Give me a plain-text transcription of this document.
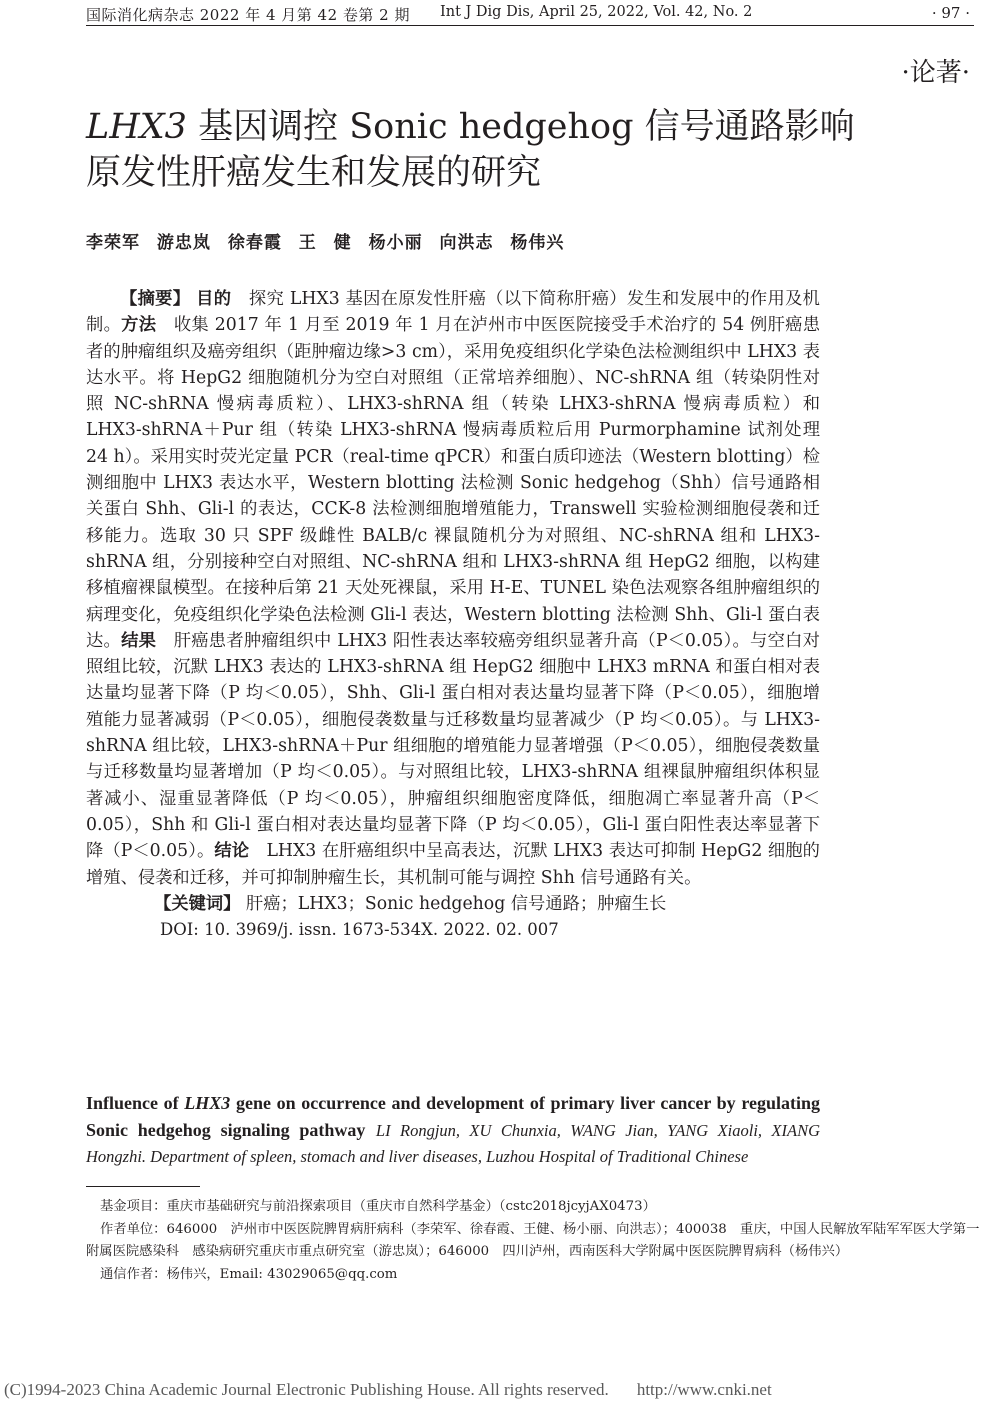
国际消化病杂志 2022 年 4 月第 42 卷第 2 期 Int J Dig Dis, April 25, 2022, Vol. 42, No. 2	· 97 ·
·论著·
LHX3 基因调控 Sonic hedgehog 信号通路影响
原发性肝癌发生和发展的研究
李荣军 游忠岚 徐春霞 王 健 杨小丽 向洪志 杨伟兴

【摘要】 目的　 探究 LHX3 基因在原发性肝癌（以下简称肝癌）发生和发展中的作用及机制。方法　 收集 2017 年 1 月至 2019 年 1 月在泸州市中医医院接受手术治疗的 54 例肝癌患者的肿瘤组织及癌旁组织（距肿瘤边缘>3 cm），采用免疫组织化学染色法检测组织中 LHX3 表达水平。将 HepG2 细胞随机分为空白对照组（正常培养细胞）、NC-shRNA 组（转染阴性对照 NC-shRNA 慢病毒质粒）、LHX3-shRNA 组（转染 LHX3-shRNA 慢病毒质粒）和 LHX3-shRNA＋Pur 组（转染 LHX3-shRNA 慢病毒质粒后用 Purmorphamine 试剂处理 24 h）。采用实时荧光定量 PCR（real-time qPCR）和蛋白质印迹法（Western blotting）检测细胞中 LHX3 表达水平，Western blotting 法检测 Sonic hedgehog（Shh）信号通路相关蛋白 Shh、Gli-l 的表达，CCK-8 法检测细胞增殖能力，Transwell 实验检测细胞侵袭和迁移能力。选取 30 只 SPF 级雌性 BALB/c 裸鼠随机分为对照组、NC-shRNA 组和 LHX3-shRNA 组，分别接种空白对照组、NC-shRNA 组和 LHX3-shRNA 组 HepG2 细胞，以构建移植瘤裸鼠模型。在接种后第 21 天处死裸鼠，采用 H-E、TUNEL 染色法观察各组肿瘤组织的病理变化，免疫组织化学染色法检测 Gli-l 表达，Western blotting 法检测 Shh、Gli-l 蛋白表达。结果　 肝癌患者肿瘤组织中 LHX3 阳性表达率较癌旁组织显著升高（P＜0.05）。与空白对照组比较，沉默 LHX3 表达的 LHX3-shRNA 组 HepG2 细胞中 LHX3 mRNA 和蛋白相对表达量均显著下降（P 均＜0.05），Shh、Gli-l 蛋白相对表达量均显著下降（P＜0.05），细胞增殖能力显著减弱（P＜0.05），细胞侵袭数量与迁移数量均显著减少（P 均＜0.05）。与 LHX3-shRNA 组比较，LHX3-shRNA＋Pur 组细胞的增殖能力显著增强（P＜0.05），细胞侵袭数量与迁移数量均显著增加（P 均＜0.05）。与对照组比较，LHX3-shRNA 组裸鼠肿瘤组织体积显著减小、湿重显著降低（P 均＜0.05），肿瘤组织细胞密度降低，细胞凋亡率显著升高（P＜0.05），Shh 和 Gli-l 蛋白相对表达量均显著下降（P 均＜0.05），Gli-l 蛋白阳性表达率显著下降（P＜0.05）。结论　 LHX3 在肝癌组织中呈高表达，沉默 LHX3 表达可抑制 HepG2 细胞的增殖、侵袭和迁移，并可抑制肿瘤生长，其机制可能与调控 Shh 信号通路有关。

【关键词】 肝癌；LHX3；Sonic hedgehog 信号通路；肿瘤生长

DOI: 10. 3969/j. issn. 1673-534X. 2022. 02. 007

Influence of LHX3 gene on occurrence and development of primary liver cancer by regulating Sonic hedgehog signaling pathway LI Rongjun, XU Chunxia, WANG Jian, YANG Xiaoli, XIANG Hongzhi. Department of spleen, stomach and liver diseases, Luzhou Hospital of Traditional Chinese

基金项目：重庆市基础研究与前沿探索项目（重庆市自然科学基金）（cstc2018jcyjAX0473）

作者单位：646000　泸州市中医医院脾胃病肝病科（李荣军、徐春霞、王健、杨小丽、向洪志）；400038　重庆，中国人民解放军陆军军医大学第一附属医院感染科　感染病研究重庆市重点研究室（游忠岚）；646000　四川泸州，西南医科大学附属中医医院脾胃病科（杨伟兴）

通信作者：杨伟兴，Email: 43029065@qq.com

(C)1994-2023 China Academic Journal Electronic Publishing House. All rights reserved. http://www.cnki.net
